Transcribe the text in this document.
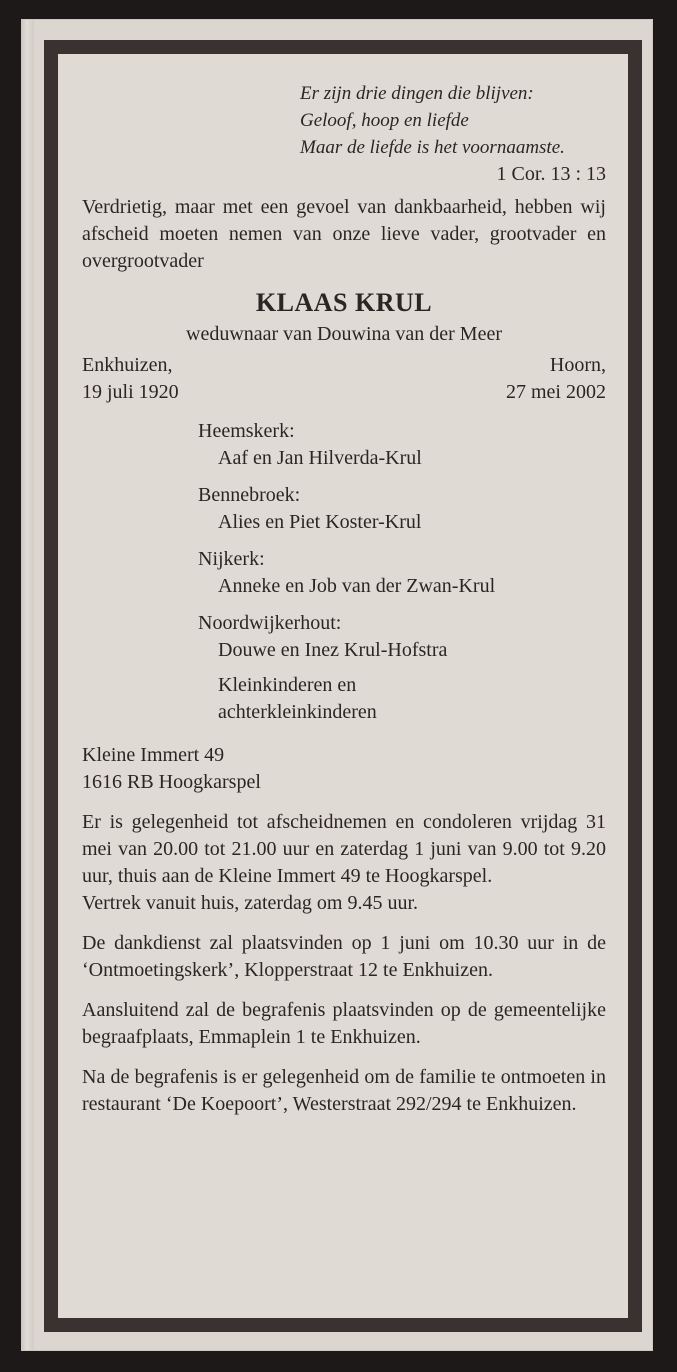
Er zijn drie dingen die blijven:
Geloof, hoop en liefde
Maar de liefde is het voornaamste.
1 Cor. 13 : 13
Verdrietig, maar met een gevoel van dankbaarheid, hebben wij afscheid moeten nemen van onze lieve vader, grootvader en overgrootvader
KLAAS KRUL
weduwnaar van Douwina van der Meer
Enkhuizen,
19 juli 1920
Hoorn,
27 mei 2002
Heemskerk:
Aaf en Jan Hilverda-Krul
Bennebroek:
Alies en Piet Koster-Krul
Nijkerk:
Anneke en Job van der Zwan-Krul
Noordwijkerhout:
Douwe en Inez Krul-Hofstra
Kleinkinderen en
achterkleinkinderen
Kleine Immert 49
1616 RB Hoogkarspel
Er is gelegenheid tot afscheidnemen en condoleren vrijdag 31 mei van 20.00 tot 21.00 uur en zaterdag 1 juni van 9.00 tot 9.20 uur, thuis aan de Kleine Immert 49 te Hoogkarspel.
Vertrek vanuit huis, zaterdag om 9.45 uur.
De dankdienst zal plaatsvinden op 1 juni om 10.30 uur in de ‘Ontmoetingskerk’, Klopperstraat 12 te Enkhuizen.
Aansluitend zal de begrafenis plaatsvinden op de gemeentelijke begraafplaats, Emmaplein 1 te Enkhuizen.
Na de begrafenis is er gelegenheid om de familie te ontmoeten in restaurant ‘De Koepoort’, Westerstraat 292/294 te Enkhuizen.
